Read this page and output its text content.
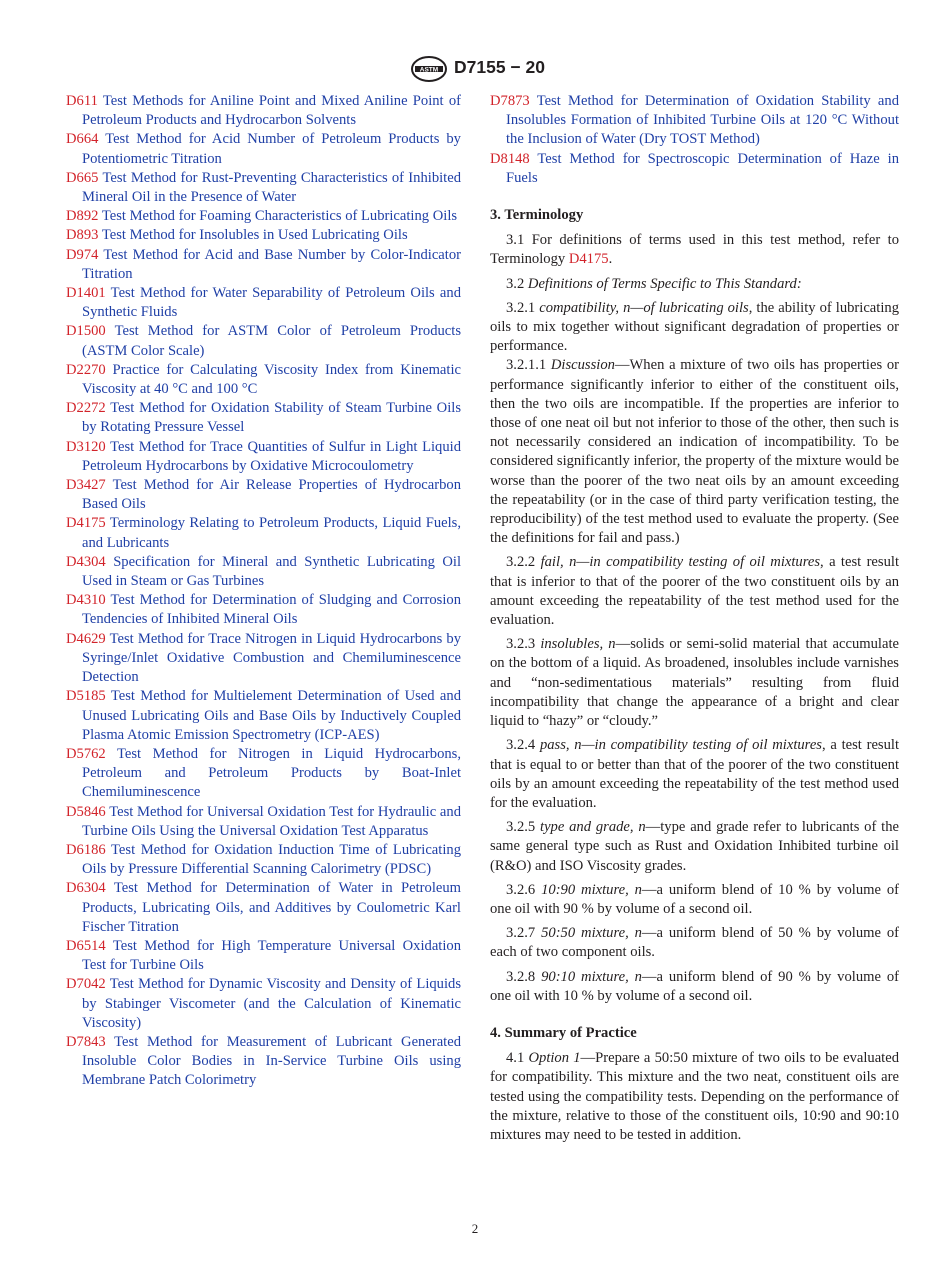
ASTM D7155 − 20
D611 Test Methods for Aniline Point and Mixed Aniline Point of Petroleum Products and Hydrocarbon Solvents
D664 Test Method for Acid Number of Petroleum Products by Potentiometric Titration
D665 Test Method for Rust-Preventing Characteristics of Inhibited Mineral Oil in the Presence of Water
D892 Test Method for Foaming Characteristics of Lubricating Oils
D893 Test Method for Insolubles in Used Lubricating Oils
D974 Test Method for Acid and Base Number by Color-Indicator Titration
D1401 Test Method for Water Separability of Petroleum Oils and Synthetic Fluids
D1500 Test Method for ASTM Color of Petroleum Products (ASTM Color Scale)
D2270 Practice for Calculating Viscosity Index from Kinematic Viscosity at 40 °C and 100 °C
D2272 Test Method for Oxidation Stability of Steam Turbine Oils by Rotating Pressure Vessel
D3120 Test Method for Trace Quantities of Sulfur in Light Liquid Petroleum Hydrocarbons by Oxidative Microcoulometry
D3427 Test Method for Air Release Properties of Hydrocarbon Based Oils
D4175 Terminology Relating to Petroleum Products, Liquid Fuels, and Lubricants
D4304 Specification for Mineral and Synthetic Lubricating Oil Used in Steam or Gas Turbines
D4310 Test Method for Determination of Sludging and Corrosion Tendencies of Inhibited Mineral Oils
D4629 Test Method for Trace Nitrogen in Liquid Hydrocarbons by Syringe/Inlet Oxidative Combustion and Chemiluminescence Detection
D5185 Test Method for Multielement Determination of Used and Unused Lubricating Oils and Base Oils by Inductively Coupled Plasma Atomic Emission Spectrometry (ICP-AES)
D5762 Test Method for Nitrogen in Liquid Hydrocarbons, Petroleum and Petroleum Products by Boat-Inlet Chemiluminescence
D5846 Test Method for Universal Oxidation Test for Hydraulic and Turbine Oils Using the Universal Oxidation Test Apparatus
D6186 Test Method for Oxidation Induction Time of Lubricating Oils by Pressure Differential Scanning Calorimetry (PDSC)
D6304 Test Method for Determination of Water in Petroleum Products, Lubricating Oils, and Additives by Coulometric Karl Fischer Titration
D6514 Test Method for High Temperature Universal Oxidation Test for Turbine Oils
D7042 Test Method for Dynamic Viscosity and Density of Liquids by Stabinger Viscometer (and the Calculation of Kinematic Viscosity)
D7843 Test Method for Measurement of Lubricant Generated Insoluble Color Bodies in In-Service Turbine Oils using Membrane Patch Colorimetry
D7873 Test Method for Determination of Oxidation Stability and Insolubles Formation of Inhibited Turbine Oils at 120 °C Without the Inclusion of Water (Dry TOST Method)
D8148 Test Method for Spectroscopic Determination of Haze in Fuels
3. Terminology
3.1 For definitions of terms used in this test method, refer to Terminology D4175.
3.2 Definitions of Terms Specific to This Standard:
3.2.1 compatibility, n—of lubricating oils, the ability of lubricating oils to mix together without significant degradation of properties or performance.
3.2.1.1 Discussion—When a mixture of two oils has properties or performance significantly inferior to either of the constituent oils, then the two oils are incompatible. If the properties are inferior to those of one neat oil but not inferior to those of the other, then such is not necessarily considered an indication of incompatibility. To be considered significantly inferior, the property of the mixture would be worse than the poorer of the two neat oils by an amount exceeding the repeatability (or in the case of third party verification testing, the reproducibility) of the test method used to evaluate the property. (See the definitions for fail and pass.)
3.2.2 fail, n—in compatibility testing of oil mixtures, a test result that is inferior to that of the poorer of the two constituent oils by an amount exceeding the repeatability of the test method used for the evaluation.
3.2.3 insolubles, n—solids or semi-solid material that accumulate on the bottom of a liquid. As broadened, insolubles include varnishes and “non-sedimentatious materials” resulting from fluid incompatibility that change the appearance of a bright and clear liquid to “hazy” or “cloudy.”
3.2.4 pass, n—in compatibility testing of oil mixtures, a test result that is equal to or better than that of the poorer of the two constituent oils by an amount exceeding the repeatability of the test method used for the evaluation.
3.2.5 type and grade, n—type and grade refer to lubricants of the same general type such as Rust and Oxidation Inhibited turbine oil (R&O) and ISO Viscosity grades.
3.2.6 10:90 mixture, n—a uniform blend of 10 % by volume of one oil with 90 % by volume of a second oil.
3.2.7 50:50 mixture, n—a uniform blend of 50 % by volume of each of two component oils.
3.2.8 90:10 mixture, n—a uniform blend of 90 % by volume of one oil with 10 % by volume of a second oil.
4. Summary of Practice
4.1 Option 1—Prepare a 50:50 mixture of two oils to be evaluated for compatibility. This mixture and the two neat, constituent oils are tested using the compatibility tests. Depending on the performance of the mixture, relative to those of the constituent oils, 10:90 and 90:10 mixtures may need to be tested in addition.
2
